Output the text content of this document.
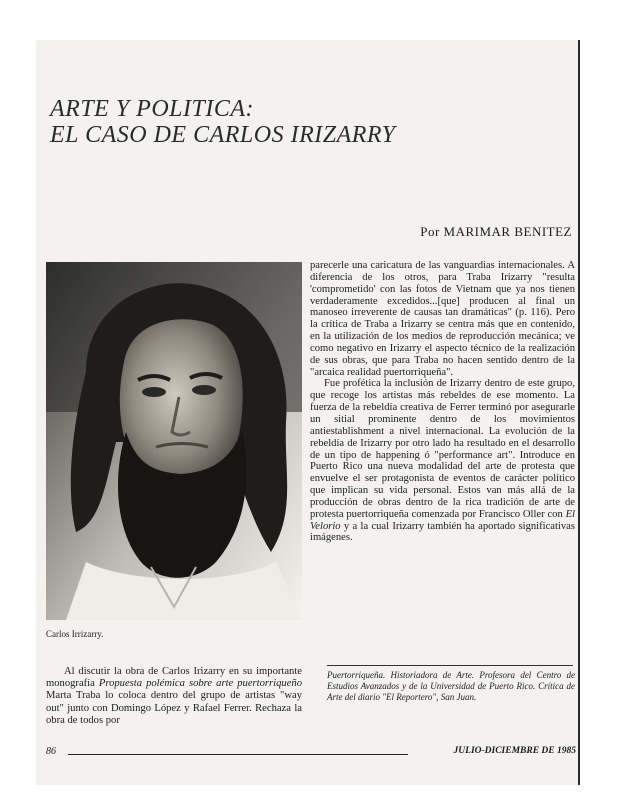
ARTE Y POLITICA:
EL CASO DE CARLOS IRIZARRY
Por MARIMAR BENITEZ
Carlos Irrizarry.

parecerle una caricatura de las vanguardias internacionales. A diferencia de los otros, para Traba Irizarry "resulta 'comprometido' con las fotos de Vietnam que ya nos tienen verdaderamente excedidos...[que] producen al final un manoseo irreverente de causas tan dramáticas" (p. 116). Pero la crítica de Traba a Irizarry se centra más que en contenido, en la utilización de los medios de reproducción mecánica; ve como negativo en Irizarry el aspecto técnico de la realización de sus obras, que para Traba no hacen sentido dentro de la "arcaica realidad puertorriqueña".

Fue profética la inclusión de Irizarry dentro de este grupo, que recoge los artistas más rebeldes de ese momento. La fuerza de la rebeldía creativa de Ferrer terminó por asegurarle un sitial prominente dentro de los movimientos antiestablishment a nivel internacional. La evolución de la rebeldía de Irizarry por otro lado ha resultado en el desarrollo de un tipo de happening ó "performance art". Introduce en Puerto Rico una nueva modalidad del arte de protesta que envuelve el ser protagonista de eventos de carácter político que implican su vida personal. Estos van más allá de la producción de obras dentro de la rica tradición de arte de protesta puertorriqueña comenzada por Francisco Oller con El Velorio y a la cual Irizarry también ha aportado significativas imágenes.

Al discutir la obra de Carlos Irizarry en su importante monografía Propuesta polémica sobre arte puertorriqueño Marta Traba lo coloca dentro del grupo de artistas "way out" junto con Domingo López y Rafael Ferrer. Rechaza la obra de todos por

Puertorriqueña. Historiadora de Arte. Profesora del Centro de Estudios Avanzados y de la Universidad de Puerto Rico. Crítica de Arte del diario "El Reportero", San Juan.
86	JULIO-DICIEMBRE DE 1985
